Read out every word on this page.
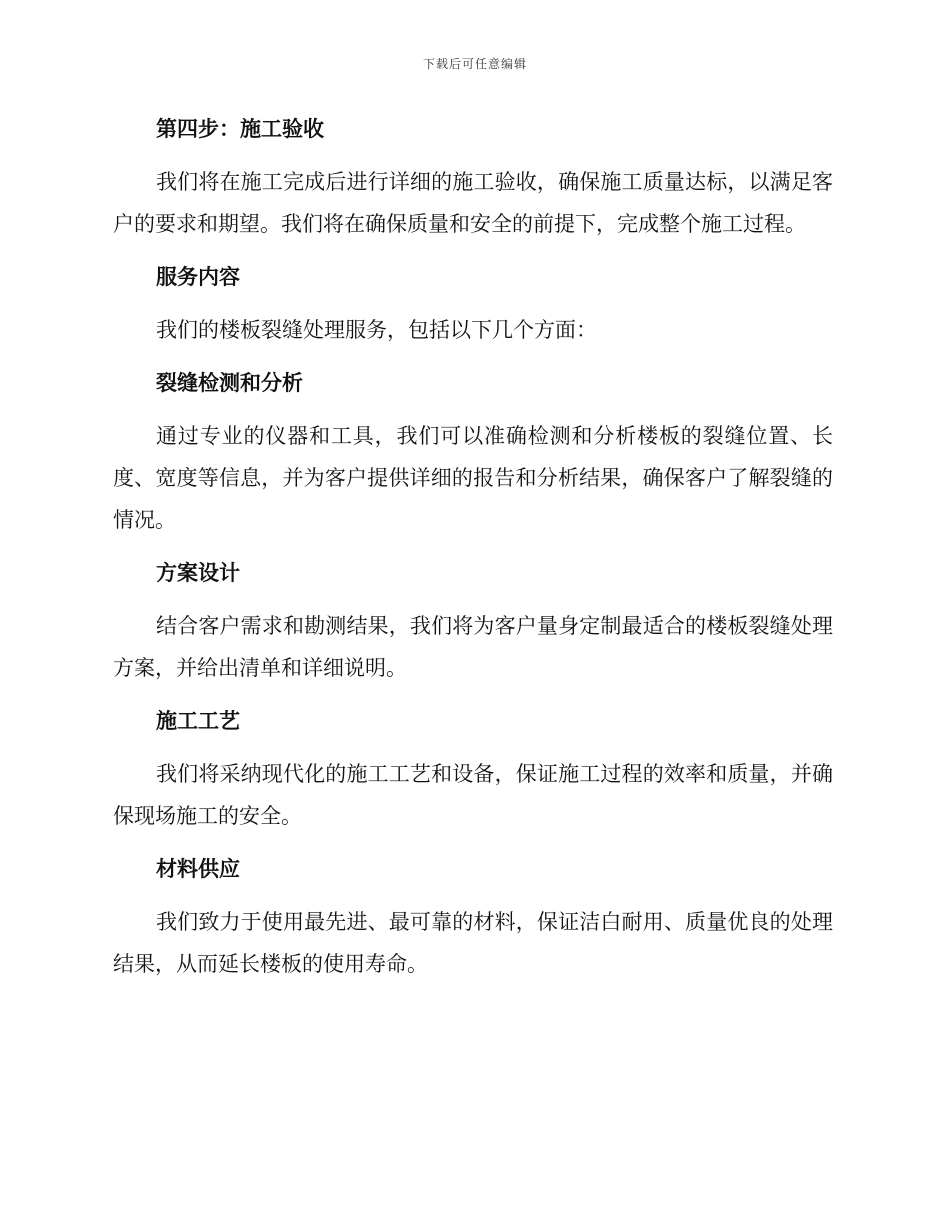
下载后可任意编辑
第四步：施工验收

我们将在施工完成后进行详细的施工验收，确保施工质量达标，以满足客户的要求和期望。我们将在确保质量和安全的前提下，完成整个施工过程。

服务内容

我们的楼板裂缝处理服务，包括以下几个方面：

裂缝检测和分析

通过专业的仪器和工具，我们可以准确检测和分析楼板的裂缝位置、长度、宽度等信息，并为客户提供详细的报告和分析结果，确保客户了解裂缝的情况。

方案设计

结合客户需求和勘测结果，我们将为客户量身定制最适合的楼板裂缝处理方案，并给出清单和详细说明。

施工工艺

我们将采纳现代化的施工工艺和设备，保证施工过程的效率和质量，并确保现场施工的安全。

材料供应

我们致力于使用最先进、最可靠的材料，保证洁白耐用、质量优良的处理结果，从而延长楼板的使用寿命。
